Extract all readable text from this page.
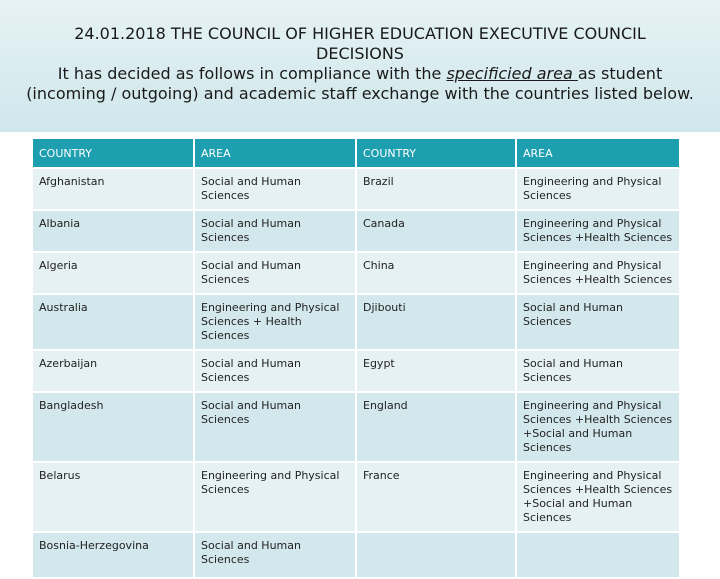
24.01.2018 THE COUNCIL OF HIGHER EDUCATION EXECUTIVE COUNCIL
DECISIONS
It has decided as follows in compliance with the specificied area as student
(incoming / outgoing) and academic staff exchange with the countries listed below.
COUNTRY	AREA	COUNTRY	AREA
Afghanistan	Social and Human Sciences	Brazil	Engineering and Physical Sciences
Albania	Social and Human Sciences	Canada	Engineering and Physical Sciences +Health Sciences
Algeria	Social and Human Sciences	China	Engineering and Physical Sciences +Health Sciences
Australia	Engineering and Physical Sciences + Health Sciences	Djibouti	Social and Human Sciences
Azerbaijan	Social and Human Sciences	Egypt	Social and Human Sciences
Bangladesh	Social and Human Sciences	England	Engineering and Physical Sciences +Health Sciences +Social and Human Sciences
Belarus	Engineering and Physical Sciences	France	Engineering and Physical Sciences +Health Sciences +Social and Human Sciences
Bosnia-Herzegovina	Social and Human Sciences		
